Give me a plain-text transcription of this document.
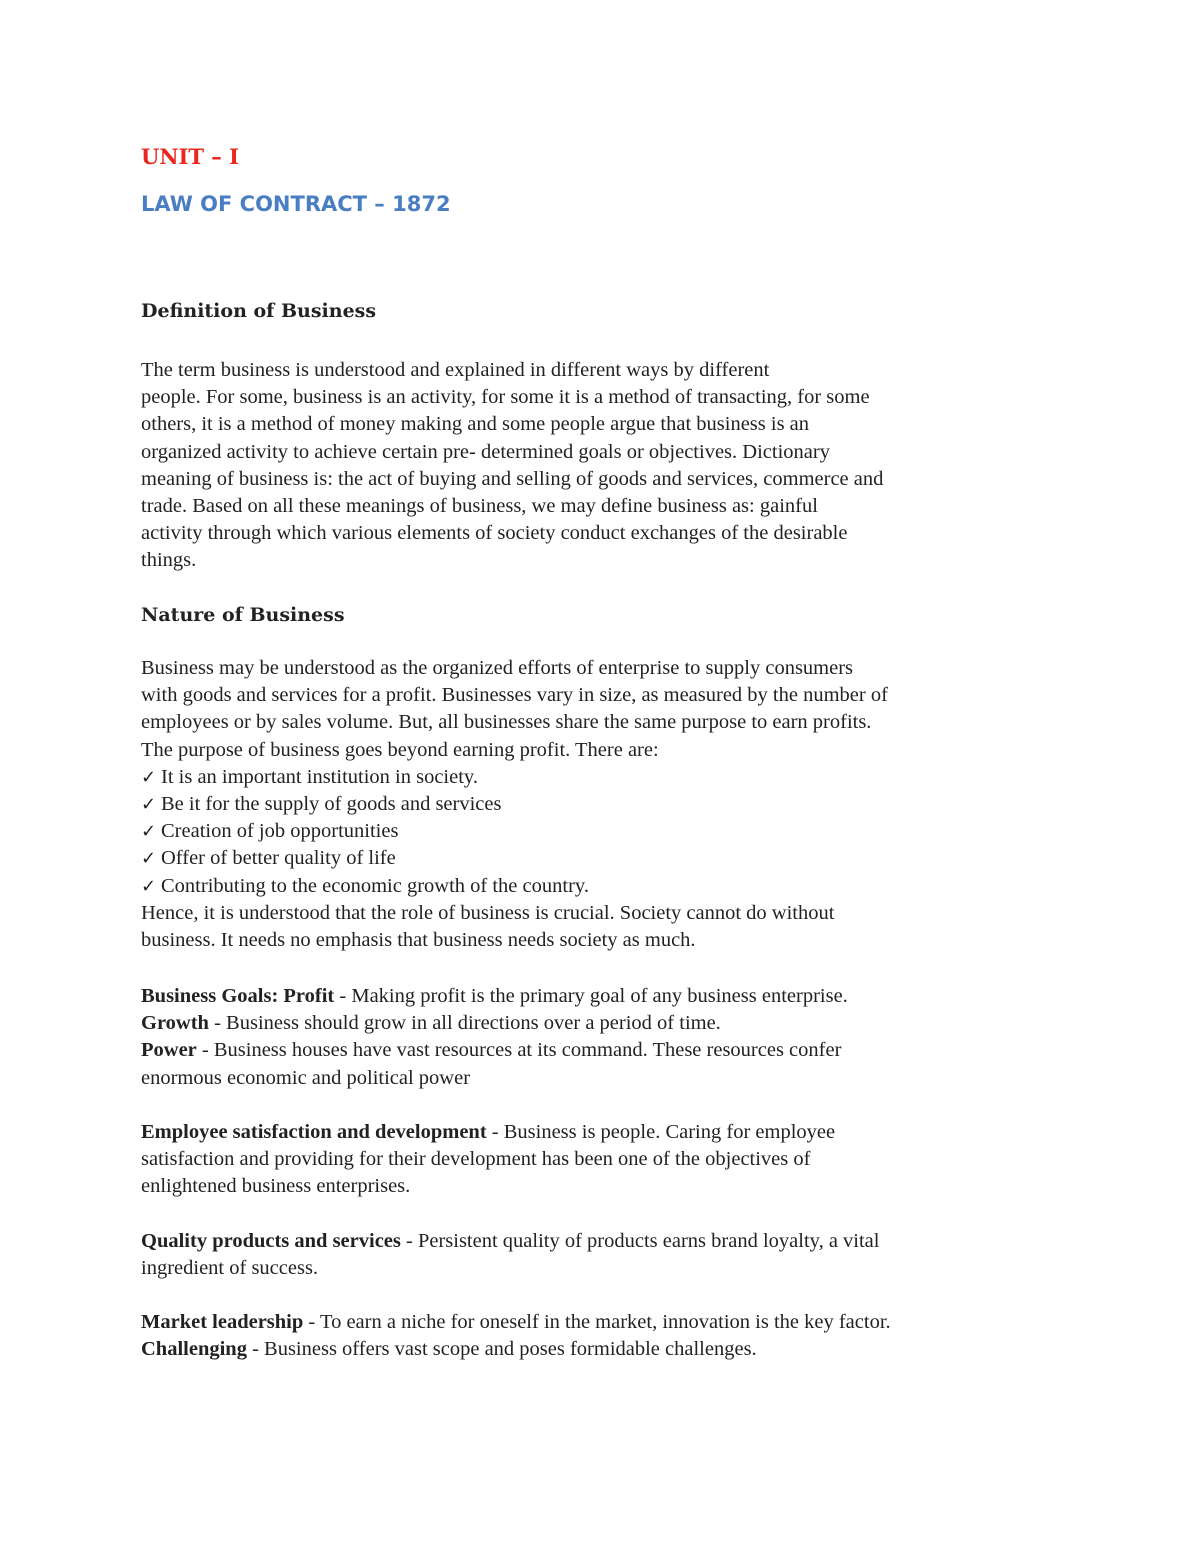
UNIT – I
LAW OF CONTRACT – 1872
Definition of Business
The term business is understood and explained in different ways by different
people. For some, business is an activity, for some it is a method of transacting, for some
others, it is a method of money making and some people argue that business is an
organized activity to achieve certain pre- determined goals or objectives. Dictionary
meaning of business is: the act of buying and selling of goods and services, commerce and
trade. Based on all these meanings of business, we may define business as: gainful
activity through which various elements of society conduct exchanges of the desirable
things.
Nature of Business
Business may be understood as the organized efforts of enterprise to supply consumers
with goods and services for a profit. Businesses vary in size, as measured by the number of
employees or by sales volume. But, all businesses share the same purpose to earn profits.
The purpose of business goes beyond earning profit. There are:
✓ It is an important institution in society.
✓ Be it for the supply of goods and services
✓ Creation of job opportunities
✓ Offer of better quality of life
✓ Contributing to the economic growth of the country.
Hence, it is understood that the role of business is crucial. Society cannot do without
business. It needs no emphasis that business needs society as much.
Business Goals: Profit - Making profit is the primary goal of any business enterprise.
Growth - Business should grow in all directions over a period of time.
Power - Business houses have vast resources at its command. These resources confer
enormous economic and political power
Employee satisfaction and development - Business is people. Caring for employee
satisfaction and providing for their development has been one of the objectives of
enlightened business enterprises.
Quality products and services - Persistent quality of products earns brand loyalty, a vital
ingredient of success.
Market leadership - To earn a niche for oneself in the market, innovation is the key factor.
Challenging - Business offers vast scope and poses formidable challenges.
